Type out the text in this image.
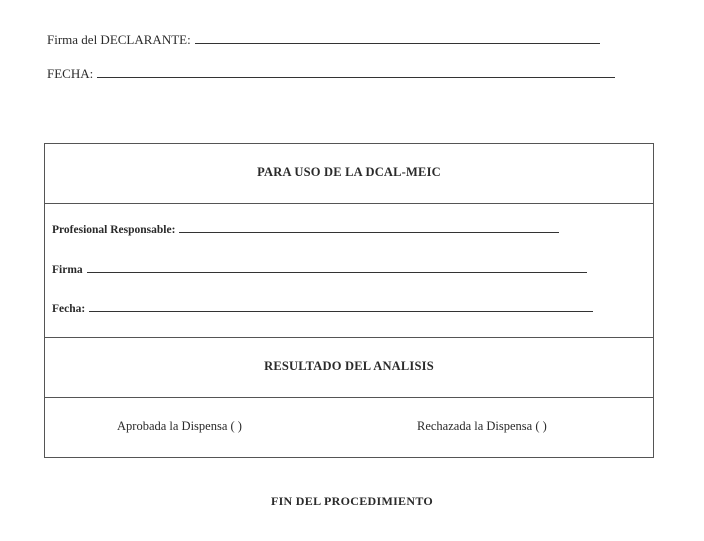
Firma del DECLARANTE:
FECHA:
PARA USO DE LA DCAL-MEIC
Profesional Responsable:
Firma
Fecha:
RESULTADO DEL ANALISIS
Aprobada la Dispensa ( )	Rechazada la Dispensa ( )
FIN DEL PROCEDIMIENTO
